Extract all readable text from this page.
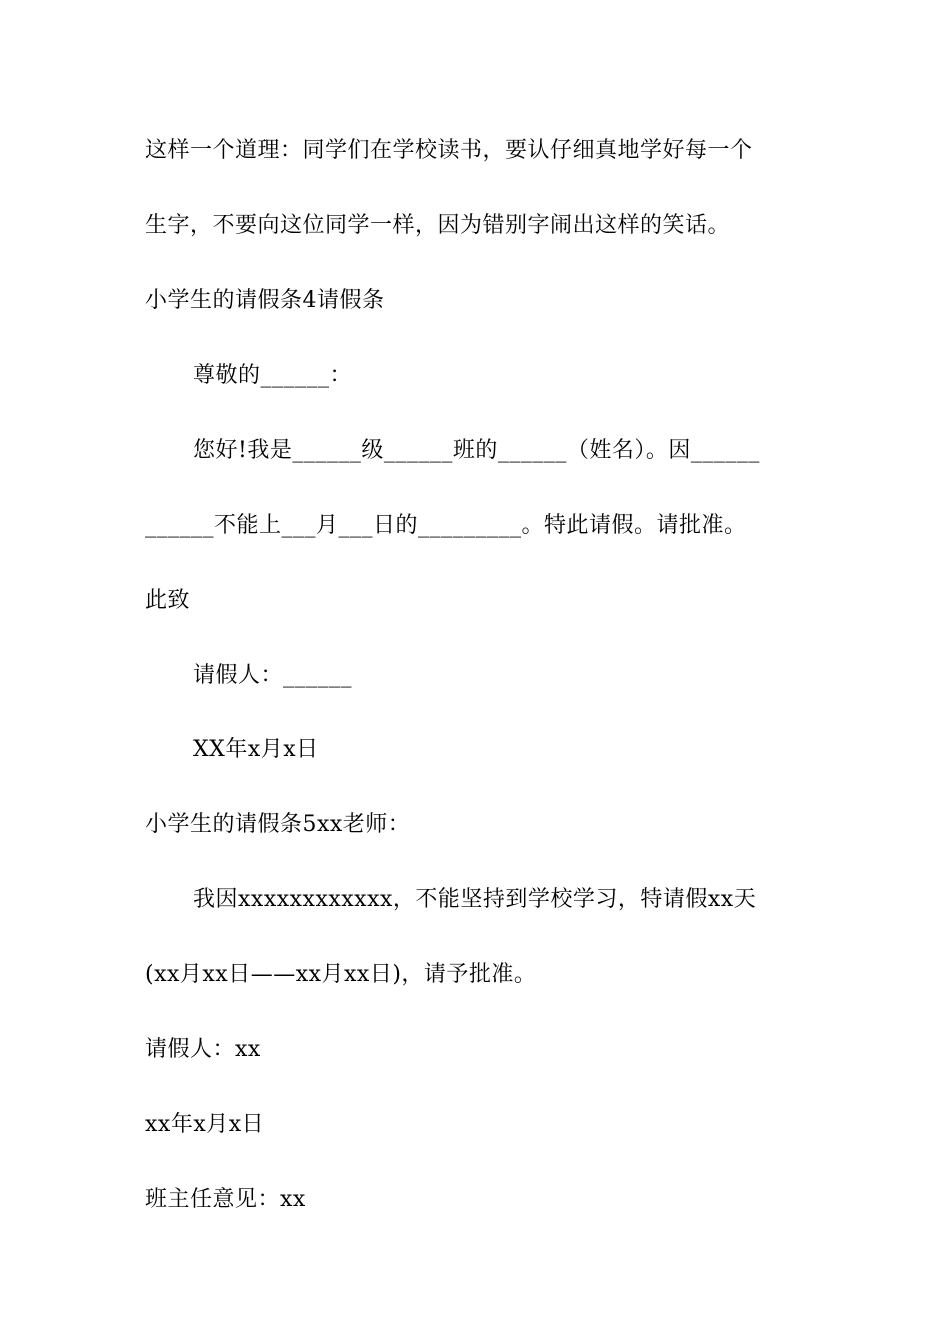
这样一个道理：同学们在学校读书，要认仔细真地学好每一个
生字，不要向这位同学一样，因为错别字闹出这样的笑话。
小学生的请假条4请假条
尊敬的______：
您好!我是______级______班的______（姓名）。因______
______不能上___月___日的_________。特此请假。请批准。
此致
请假人：______
XX年x月x日
小学生的请假条5xx老师：
我因xxxxxxxxxxxx，不能坚持到学校学习，特请假xx天
(xx月xx日——xx月xx日)，请予批准。
请假人：xx
xx年x月x日
班主任意见：xx
